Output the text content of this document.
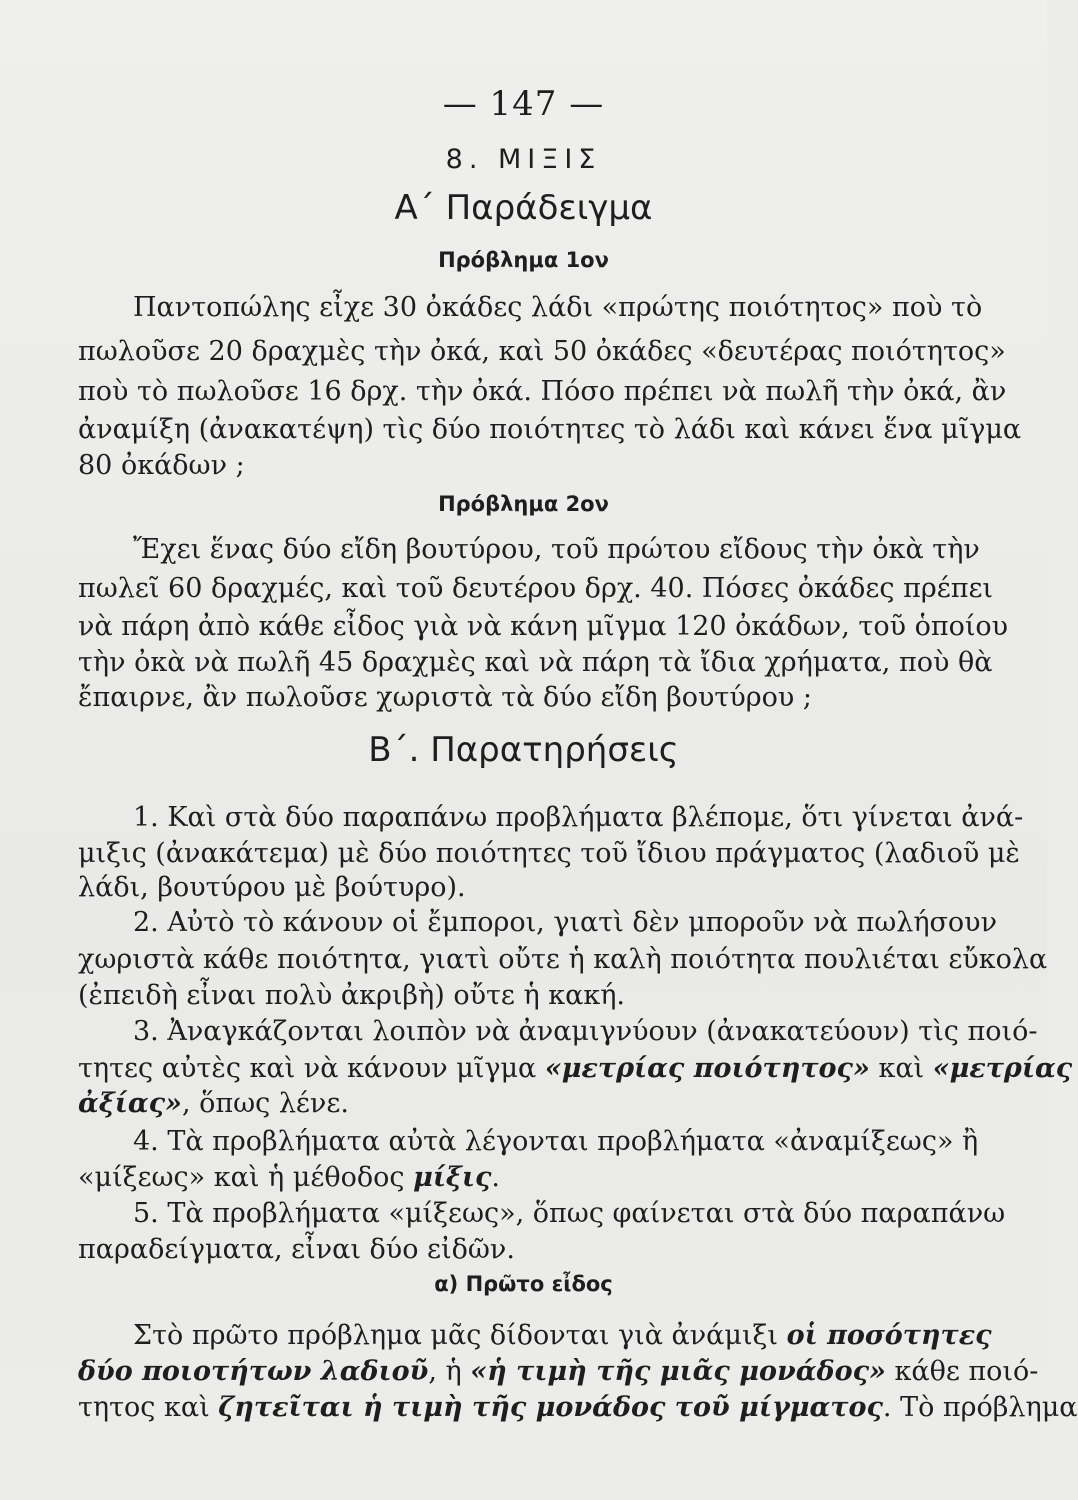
— 147 —
8. ΜΙΞΙΣ
Α΄ Παράδειγμα
Πρόβλημα 1ον
Παντοπώλης εἶχε 30 ὀκάδες λάδι «πρώτης ποιότητος» ποὺ τὸ
πωλοῦσε 20 δραχμὲς τὴν ὀκά, καὶ 50 ὀκάδες «δευτέρας ποιότητος»
ποὺ τὸ πωλοῦσε 16 δρχ. τὴν ὀκά. Πόσο πρέπει νὰ πωλῆ τὴν ὀκά, ἂν
ἀναμίξη (ἀνακατέψη) τὶς δύο ποιότητες τὸ λάδι καὶ κάνει ἕνα μῖγμα
80 ὀκάδων ;
Πρόβλημα 2ον
Ἔχει ἕνας δύο εἴδη βουτύρου, τοῦ πρώτου εἴδους τὴν ὀκὰ τὴν
πωλεῖ 60 δραχμές, καὶ τοῦ δευτέρου δρχ. 40. Πόσες ὀκάδες πρέπει
νὰ πάρη ἀπὸ κάθε εἶδος γιὰ νὰ κάνη μῖγμα 120 ὀκάδων, τοῦ ὁποίου
τὴν ὀκὰ νὰ πωλῆ 45 δραχμὲς καὶ νὰ πάρη τὰ ἴδια χρήματα, ποὺ θὰ
ἔπαιρνε, ἂν πωλοῦσε χωριστὰ τὰ δύο εἴδη βουτύρου ;
Β΄. Παρατηρήσεις
1. Καὶ στὰ δύο παραπάνω προβλήματα βλέπομε, ὅτι γίνεται ἀνά-
μιξις (ἀνακάτεμα) μὲ δύο ποιότητες τοῦ ἴδιου πράγματος (λαδιοῦ μὲ
λάδι, βουτύρου μὲ βούτυρο).
2. Αὐτὸ τὸ κάνουν οἱ ἔμποροι, γιατὶ δὲν μποροῦν νὰ πωλήσουν
χωριστὰ κάθε ποιότητα, γιατὶ οὔτε ἡ καλὴ ποιότητα πουλιέται εὔκολα
(ἐπειδὴ εἶναι πολὺ ἀκριβὴ) οὔτε ἡ κακή.
3. Ἀναγκάζονται λοιπὸν νὰ ἀναμιγνύουν (ἀνακατεύουν) τὶς ποιό-
τητες αὐτὲς καὶ νὰ κάνουν μῖγμα «μετρίας ποιότητος» καὶ «μετρίας
ἀξίας», ὅπως λένε.
4. Τὰ προβλήματα αὐτὰ λέγονται προβλήματα «ἀναμίξεως» ἢ
«μίξεως» καὶ ἡ μέθοδος μίξις.
5. Τὰ προβλήματα «μίξεως», ὅπως φαίνεται στὰ δύο παραπάνω
παραδείγματα, εἶναι δύο εἰδῶν.
α) Πρῶτο εἶδος
Στὸ πρῶτο πρόβλημα μᾶς δίδονται γιὰ ἀνάμιξι οἱ ποσότητες
δύο ποιοτήτων λαδιοῦ, ἡ «ἡ τιμὴ τῆς μιᾶς μονάδος» κάθε ποιό-
τητος καὶ ζητεῖται ἡ τιμὴ τῆς μονάδος τοῦ μίγματος. Τὸ πρόβλημα
